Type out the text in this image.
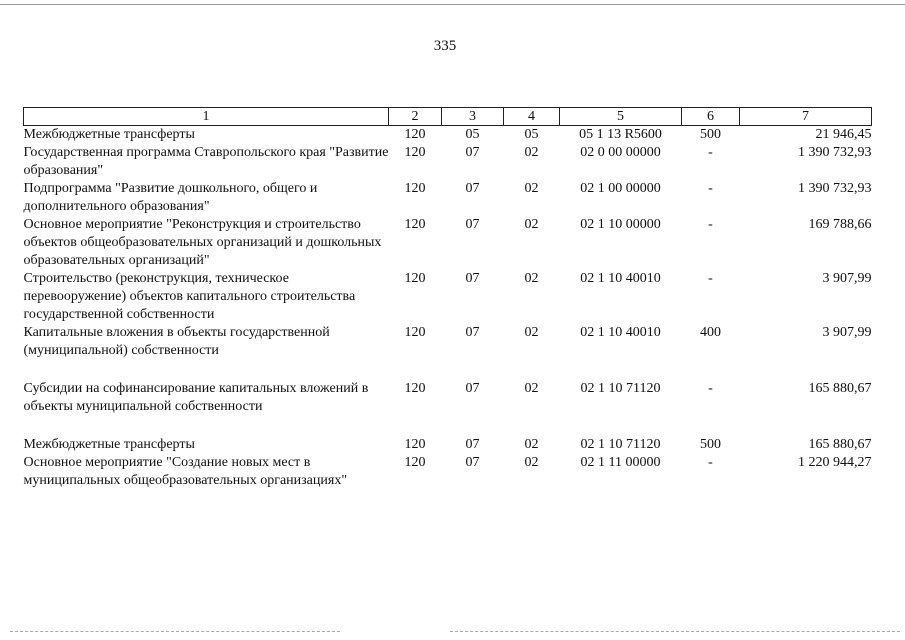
335
1	2	3	4	5	6	7
Межбюджетные трансферты	120	05	05	05 1 13 R5600	500	21 946,45
Государственная программа Ставропольского края "Развитие образования"	120	07	02	02 0 00 00000	-	1 390 732,93
Подпрограмма "Развитие дошкольного, общего и дополнительного образования"	120	07	02	02 1 00 00000	-	1 390 732,93
Основное мероприятие "Реконструкция и строительство объектов общеобразовательных организаций и дошкольных образовательных организаций"	120	07	02	02 1 10 00000	-	169 788,66
Строительство (реконструкция, техническое перевооружение) объектов капитального строительства государственной собственности	120	07	02	02 1 10 40010	-	3 907,99
Капитальные вложения в объекты государственной (муниципальной) собственности	120	07	02	02 1 10 40010	400	3 907,99
Субсидии на софинансирование капитальных вложений в объекты муниципальной собственности	120	07	02	02 1 10 71120	-	165 880,67
Межбюджетные трансферты	120	07	02	02 1 10 71120	500	165 880,67
Основное мероприятие "Создание новых мест в муниципальных общеобразовательных организациях"	120	07	02	02 1 11 00000	-	1 220 944,27
